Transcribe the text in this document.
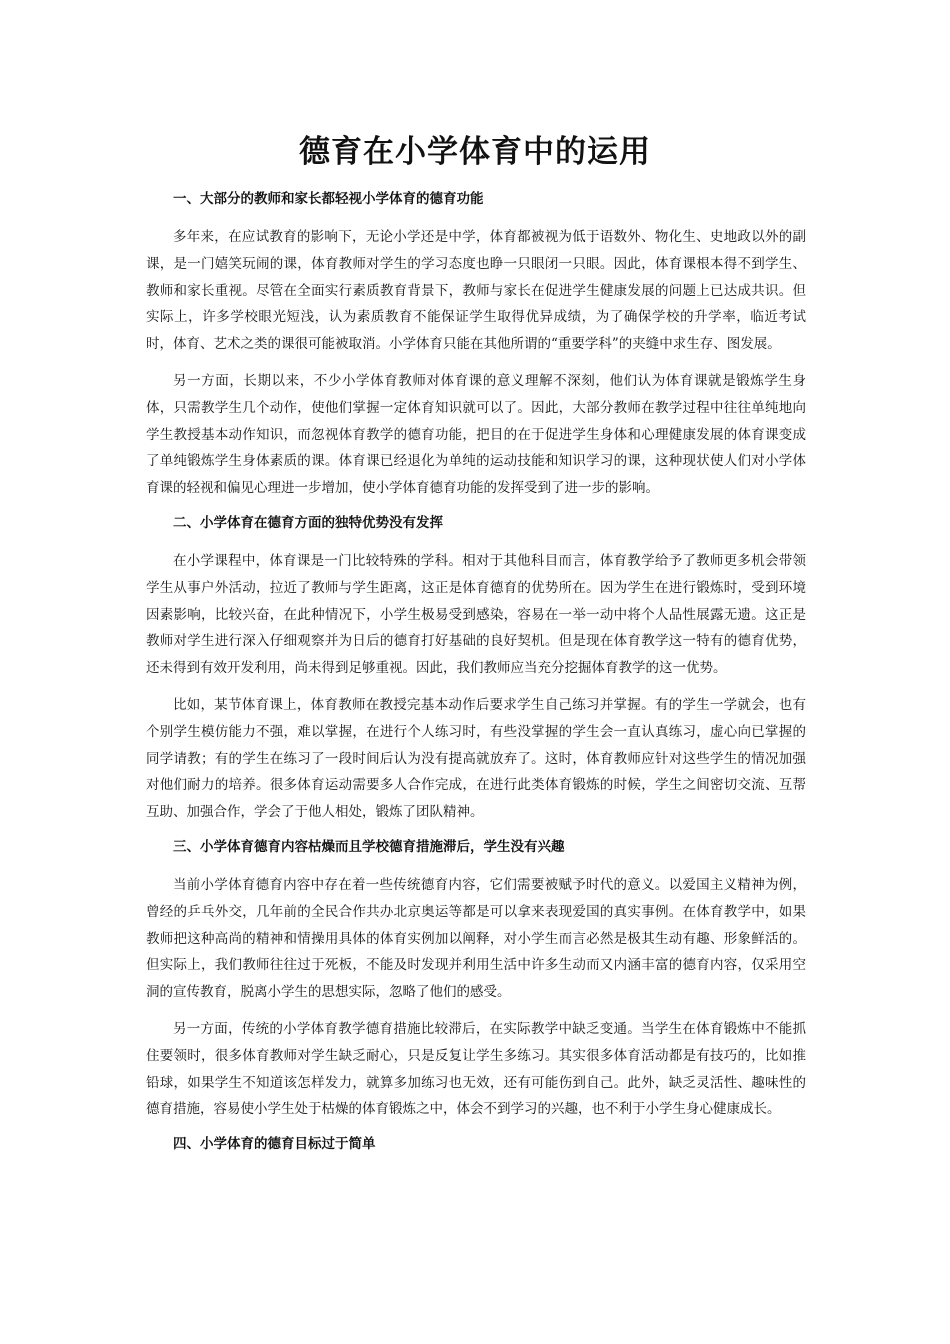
德育在小学体育中的运用
一、大部分的教师和家长都轻视小学体育的德育功能

多年来，在应试教育的影响下，无论小学还是中学，体育都被视为低于语数外、物化生、史地政以外的副课，是一门嬉笑玩闹的课，体育教师对学生的学习态度也睁一只眼闭一只眼。因此，体育课根本得不到学生、教师和家长重视。尽管在全面实行素质教育背景下，教师与家长在促进学生健康发展的问题上已达成共识。但实际上，许多学校眼光短浅，认为素质教育不能保证学生取得优异成绩，为了确保学校的升学率，临近考试时，体育、艺术之类的课很可能被取消。小学体育只能在其他所谓的“重要学科”的夹缝中求生存、图发展。

另一方面，长期以来，不少小学体育教师对体育课的意义理解不深刻，他们认为体育课就是锻炼学生身体，只需教学生几个动作，使他们掌握一定体育知识就可以了。因此，大部分教师在教学过程中往往单纯地向学生教授基本动作知识，而忽视体育教学的德育功能，把目的在于促进学生身体和心理健康发展的体育课变成了单纯锻炼学生身体素质的课。体育课已经退化为单纯的运动技能和知识学习的课，这种现状使人们对小学体育课的轻视和偏见心理进一步增加，使小学体育德育功能的发挥受到了进一步的影响。

二、小学体育在德育方面的独特优势没有发挥

在小学课程中，体育课是一门比较特殊的学科。相对于其他科目而言，体育教学给予了教师更多机会带领学生从事户外活动，拉近了教师与学生距离，这正是体育德育的优势所在。因为学生在进行锻炼时，受到环境因素影响，比较兴奋，在此种情况下，小学生极易受到感染，容易在一举一动中将个人品性展露无遗。这正是教师对学生进行深入仔细观察并为日后的德育打好基础的良好契机。但是现在体育教学这一特有的德育优势，还未得到有效开发利用，尚未得到足够重视。因此，我们教师应当充分挖掘体育教学的这一优势。

比如，某节体育课上，体育教师在教授完基本动作后要求学生自己练习并掌握。有的学生一学就会，也有个别学生模仿能力不强，难以掌握，在进行个人练习时，有些没掌握的学生会一直认真练习，虚心向已掌握的同学请教；有的学生在练习了一段时间后认为没有提高就放弃了。这时，体育教师应针对这些学生的情况加强对他们耐力的培养。很多体育运动需要多人合作完成，在进行此类体育锻炼的时候，学生之间密切交流、互帮互助、加强合作，学会了于他人相处，锻炼了团队精神。

三、小学体育德育内容枯燥而且学校德育措施滞后，学生没有兴趣

当前小学体育德育内容中存在着一些传统德育内容，它们需要被赋予时代的意义。以爱国主义精神为例，曾经的乒乓外交，几年前的全民合作共办北京奥运等都是可以拿来表现爱国的真实事例。在体育教学中，如果教师把这种高尚的精神和情操用具体的体育实例加以阐释，对小学生而言必然是极其生动有趣、形象鲜活的。但实际上，我们教师往往过于死板，不能及时发现并利用生活中许多生动而又内涵丰富的德育内容，仅采用空洞的宣传教育，脱离小学生的思想实际，忽略了他们的感受。

另一方面，传统的小学体育教学德育措施比较滞后，在实际教学中缺乏变通。当学生在体育锻炼中不能抓住要领时，很多体育教师对学生缺乏耐心，只是反复让学生多练习。其实很多体育活动都是有技巧的，比如推铅球，如果学生不知道该怎样发力，就算多加练习也无效，还有可能伤到自己。此外，缺乏灵活性、趣味性的德育措施，容易使小学生处于枯燥的体育锻炼之中，体会不到学习的兴趣，也不利于小学生身心健康成长。

四、小学体育的德育目标过于简单
